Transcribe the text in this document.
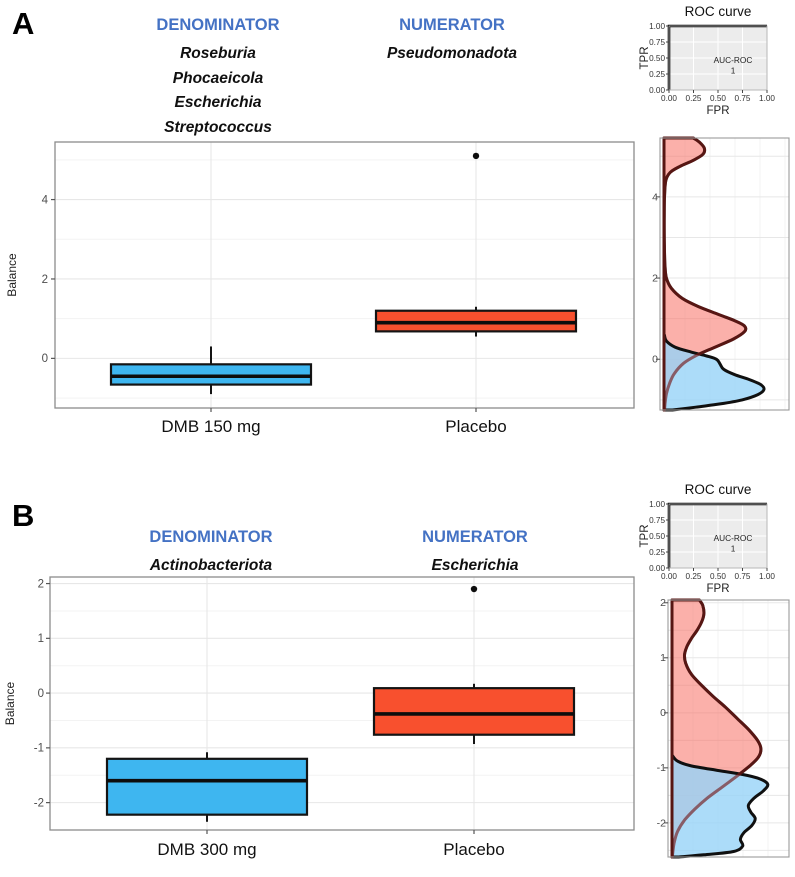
A	DENOMINATOR
Roseburia
Phocaeicola
Escherichia
Streptococcus
NUMERATOR
Pseudomonadota
ROC curve
1.00
0.75
0.50
0.25
0.00
0.00 0.25 0.50 0.75 1.00
TPR
FPR
AUC-ROC
1
0
2
4
Balance
DMB 150 mg	Placebo
0
2
4
B
DENOMINATOR
Actinobacteriota
NUMERATOR
Escherichia
ROC curve
1.00
0.75
0.50
0.25
0.00
0.00 0.25 0.50 0.75 1.00
TPR
FPR
AUC-ROC
1
-2
-1
0
1
2
Balance
DMB 300 mg	Placebo
-2
-1
0
1
2
